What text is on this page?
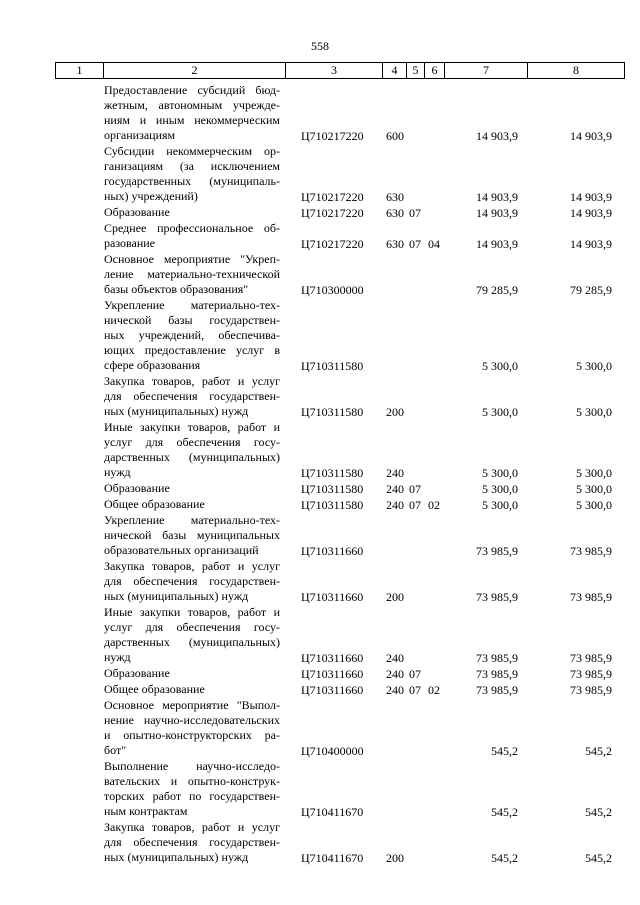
558
1	2	3	4	5	6	7	8
Предоставление субсидий бюд-
жетным, автономным учрежде-
ниям и иным некоммерческим
организациям	Ц710217220 600	14 903,9	14 903,9
Субсидии некоммерческим ор-
ганизациям (за исключением
государственных (муниципаль-
ных) учреждений)	Ц710217220 630	14 903,9	14 903,9
Образование	Ц710217220 630 07	14 903,9	14 903,9
Среднее профессиональное об-
разование	Ц710217220 630 07 04	14 903,9	14 903,9
Основное мероприятие "Укреп-
ление материально-технической
базы объектов образования"	Ц710300000	79 285,9	79 285,9
Укрепление материально-тех-
нической базы государствен-
ных учреждений, обеспечива-
ющих предоставление услуг в
сфере образования	Ц710311580	5 300,0	5 300,0
Закупка товаров, работ и услуг
для обеспечения государствен-
ных (муниципальных) нужд	Ц710311580 200	5 300,0	5 300,0
Иные закупки товаров, работ и
услуг для обеспечения госу-
дарственных (муниципальных)
нужд	Ц710311580 240	5 300,0	5 300,0
Образование	Ц710311580 240 07	5 300,0	5 300,0
Общее образование	Ц710311580 240 07 02	5 300,0	5 300,0
Укрепление материально-тех-
нической базы муниципальных
образовательных организаций	Ц710311660	73 985,9	73 985,9
Закупка товаров, работ и услуг
для обеспечения государствен-
ных (муниципальных) нужд	Ц710311660 200	73 985,9	73 985,9
Иные закупки товаров, работ и
услуг для обеспечения госу-
дарственных (муниципальных)
нужд	Ц710311660 240	73 985,9	73 985,9
Образование	Ц710311660 240 07	73 985,9	73 985,9
Общее образование	Ц710311660 240 07 02	73 985,9	73 985,9
Основное мероприятие "Выпол-
нение научно-исследовательских
и опытно-конструкторских ра-
бот"	Ц710400000	545,2	545,2
Выполнение научно-исследо-
вательских и опытно-конструк-
торских работ по государствен-
ным контрактам	Ц710411670	545,2	545,2
Закупка товаров, работ и услуг
для обеспечения государствен-
ных (муниципальных) нужд	Ц710411670 200	545,2	545,2
